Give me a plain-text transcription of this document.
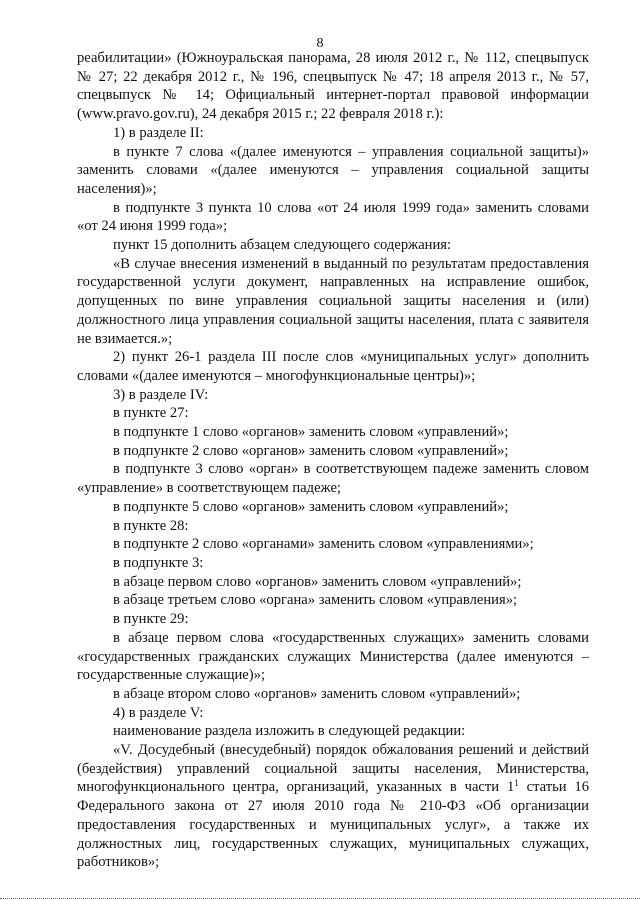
8

реабилитации» (Южноуральская панорама, 28 июля 2012 г., № 112, спецвыпуск № 27; 22 декабря 2012 г., № 196, спецвыпуск № 47; 18 апреля 2013 г., № 57, спецвыпуск № 14; Официальный интернет-портал правовой информации (www.pravo.gov.ru), 24 декабря 2015 г.; 22 февраля 2018 г.):

1) в разделе II:

в пункте 7 слова «(далее именуются – управления социальной защиты)» заменить словами «(далее именуются – управления социальной защиты населения)»;

в подпункте 3 пункта 10 слова «от 24 июля 1999 года» заменить словами «от 24 июня 1999 года»;

пункт 15 дополнить абзацем следующего содержания:

«В случае внесения изменений в выданный по результатам предоставления государственной услуги документ, направленных на исправление ошибок, допущенных по вине управления социальной защиты населения и (или) должностного лица управления социальной защиты населения, плата с заявителя не взимается.»;

2) пункт 26-1 раздела III после слов «муниципальных услуг» дополнить словами «(далее именуются – многофункциональные центры)»;

3) в разделе IV:

в пункте 27:

в подпункте 1 слово «органов» заменить словом «управлений»;

в подпункте 2 слово «органов» заменить словом «управлений»;

в подпункте 3 слово «орган» в соответствующем падеже заменить словом «управление» в соответствующем падеже;

в подпункте 5 слово «органов» заменить словом «управлений»;

в пункте 28:

в подпункте 2 слово «органами» заменить словом «управлениями»;

в подпункте 3:

в абзаце первом слово «органов» заменить словом «управлений»;

в абзаце третьем слово «органа» заменить словом «управления»;

в пункте 29:

в абзаце первом слова «государственных служащих» заменить словами «государственных гражданских служащих Министерства (далее именуются – государственные служащие)»;

в абзаце втором слово «органов» заменить словом «управлений»;

4) в разделе V:

наименование раздела изложить в следующей редакции:

«V. Досудебный (внесудебный) порядок обжалования решений и действий (бездействия) управлений социальной защиты населения, Министерства, многофункционального центра, организаций, указанных в части $1^1$ статьи 16 Федерального закона от 27 июля 2010 года № 210-ФЗ «Об организации предоставления государственных и муниципальных услуг», а также их должностных лиц, государственных служащих, муниципальных служащих, работников»;
